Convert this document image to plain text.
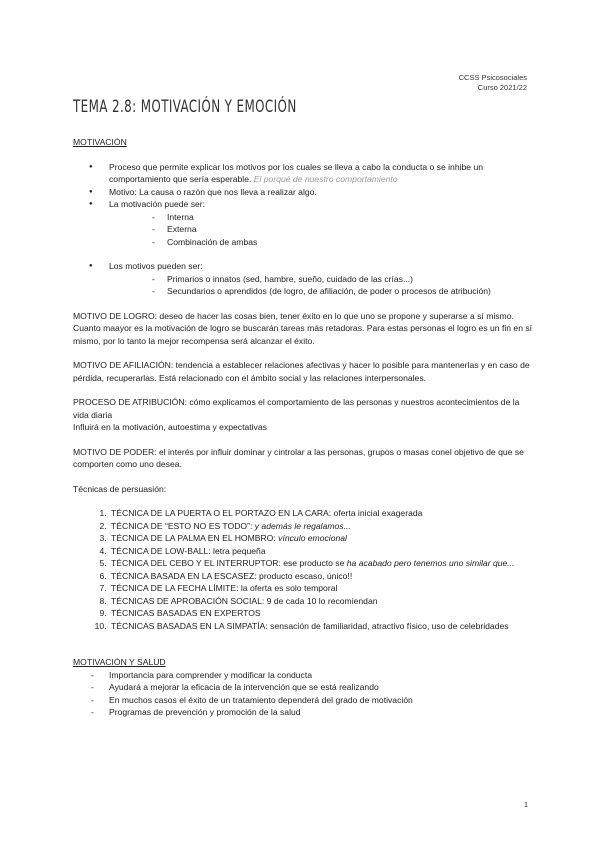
CCSS Psicosociales
Curso 2021/22
TEMA 2.8: MOTIVACIÓN Y EMOCIÓN

MOTIVACIÓN

● Proceso que permite explicar los motivos por los cuales se lleva a cabo la conducta o se inhibe un comportamiento que sería esperable. El porqué de nuestro comportamiento
● Motivo: La causa o razón que nos lleva a realizar algo.
● La motivación puede ser:
- Interna
- Externa
- Combinación de ambas
● Los motivos pueden ser:
- Primarios o innatos (sed, hambre, sueño, cuidado de las crías...)
- Secundarios o aprendidos (de logro, de afiliación, de poder o procesos de atribución)

MOTIVO DE LOGRO: deseo de hacer las cosas bien, tener éxito en lo que uno se propone y superarse a sí mismo. Cuanto maayor es la motivación de logro se buscarán tareas más retadoras. Para estas personas el logro es un fin en sí mismo, por lo tanto la mejor recompensa será alcanzar el éxito.

MOTIVO DE AFILIACIÓN: tendencia a establecer relaciones afectivas y hacer lo posible para mantenerlas y en caso de pérdida, recuperarlas. Está relacionado con el ámbito social y las relaciones interpersonales.

PROCESO DE ATRIBUCIÓN: cómo explicamos el comportamiento de las personas y nuestros acontecimientos de la vida diaria

Influirá en la motivación, autoestima y expectativas

MOTIVO DE PODER: el interés por influir dominar y cintrolar a las personas, grupos o masas conel objetivo de que se comporten como uno desea.

Técnicas de persuasión:

1. TÉCNICA DE LA PUERTA O EL PORTAZO EN LA CARA: oferta inicial exagerada
2. TÉCNICA DE “ESTO NO ES TODO”: y además le regalamos...
3. TÉCNICA DE LA PALMA EN EL HOMBRO: vínculo emocional
4. TÉCNICA DE LOW-BALL: letra pequeña
5. TÉCNICA DEL CEBO Y EL INTERRUPTOR: ese producto se ha acabado pero tenemos uno similar que...
6. TÉCNICA BASADA EN LA ESCASEZ: producto escaso, único!!
7. TÉCNICA DE LA FECHA LÍMITE: la oferta es solo temporal
8. TÉCNICAS DE APROBACIÓN SOCIAL: 9 de cada 10 lo recomiendan
9. TÉCNICAS BASADAS EN EXPERTOS
10. TÉCNICAS BASADAS EN LA SIMPATÍA: sensación de familiaridad, atractivo físico, uso de celebridades

MOTIVACIÓN Y SALUD

- Importancia para comprender y modificar la conducta
- Ayudará a mejorar la eficacia de la intervención que se está realizando
- En muchos casos el éxito de un tratamiento dependerá del grado de motivación
- Programas de prevención y promoción de la salud
1
